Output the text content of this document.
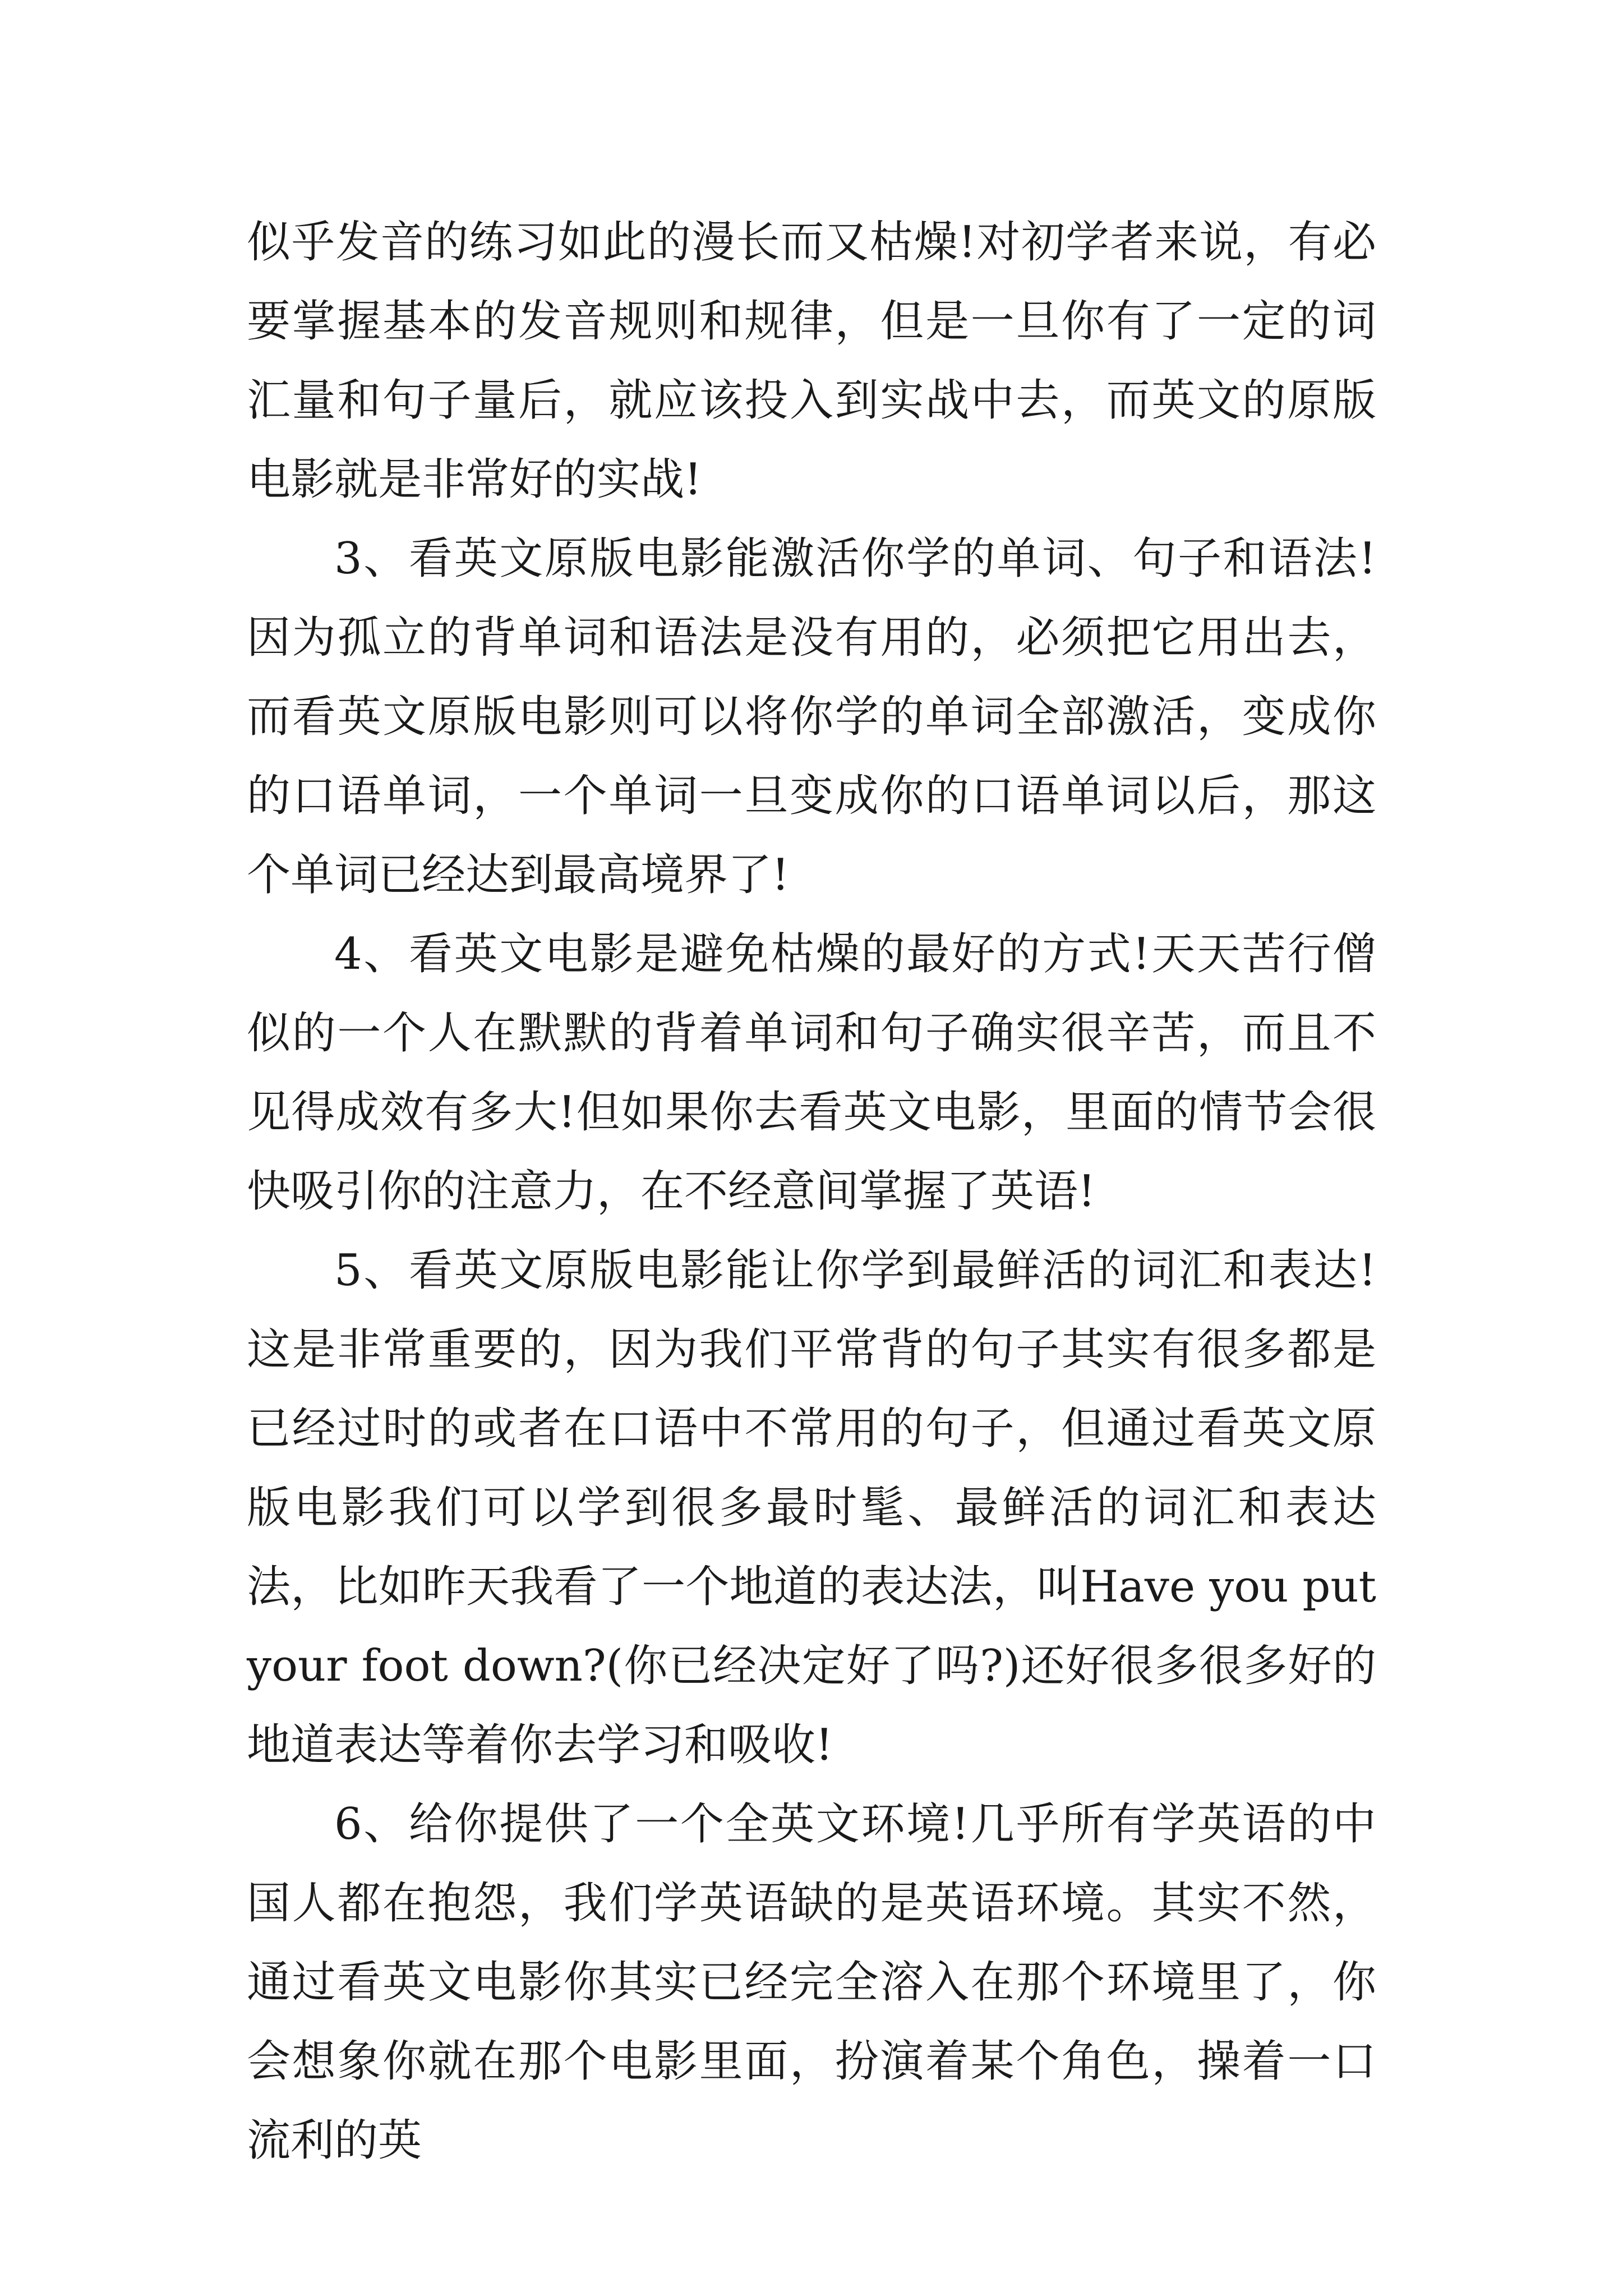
似乎发音的练习如此的漫长而又枯燥!对初学者来说，有必要掌握基本的发音规则和规律，但是一旦你有了一定的词汇量和句子量后，就应该投入到实战中去，而英文的原版电影就是非常好的实战!

3、看英文原版电影能激活你学的单词、句子和语法!因为孤立的背单词和语法是没有用的，必须把它用出去，而看英文原版电影则可以将你学的单词全部激活，变成你的口语单词，一个单词一旦变成你的口语单词以后，那这个单词已经达到最高境界了!

4、看英文电影是避免枯燥的最好的方式!天天苦行僧似的一个人在默默的背着单词和句子确实很辛苦，而且不见得成效有多大!但如果你去看英文电影，里面的情节会很快吸引你的注意力，在不经意间掌握了英语!

5、看英文原版电影能让你学到最鲜活的词汇和表达!这是非常重要的，因为我们平常背的句子其实有很多都是已经过时的或者在口语中不常用的句子，但通过看英文原版电影我们可以学到很多最时髦、最鲜活的词汇和表达法，比如昨天我看了一个地道的表达法，叫Have you put your foot down?(你已经决定好了吗?)还好很多很多好的地道表达等着你去学习和吸收!

6、给你提供了一个全英文环境!几乎所有学英语的中国人都在抱怨，我们学英语缺的是英语环境。其实不然，通过看英文电影你其实已经完全溶入在那个环境里了，你会想象你就在那个电影里面，扮演着某个角色，操着一口流利的英
